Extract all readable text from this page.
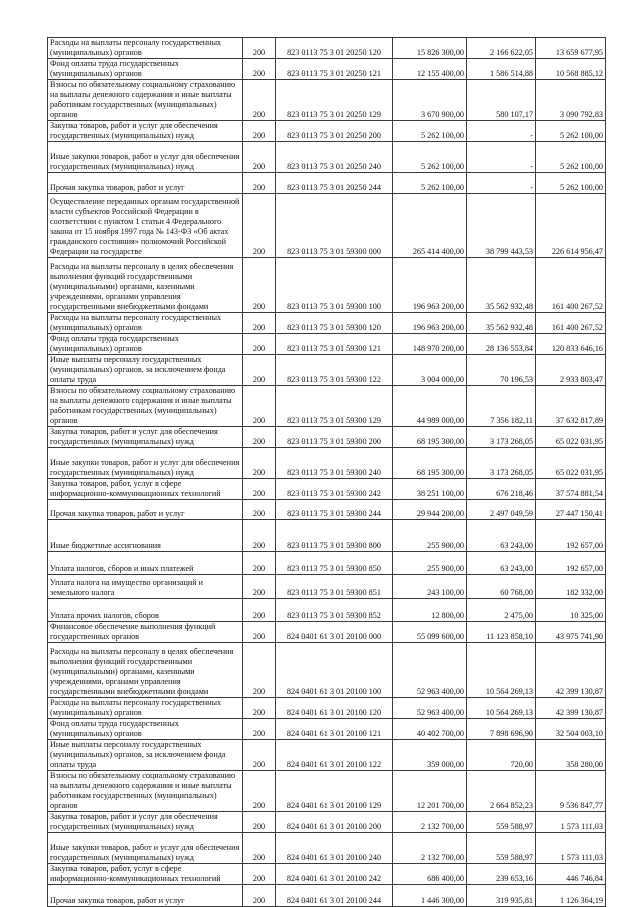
Расходы на выплаты персоналу государственных (муниципальных) органов	200	823 0113 75 3 01 20250 120	15 826 300,00	2 166 622,05	13 659 677,95
Фонд оплаты труда государственных (муниципальных) органов	200	823 0113 75 3 01 20250 121	12 155 400,00	1 586 514,88	10 568 885,12
Взносы по обязательному социальному страхованию на выплаты денежного содержания и иные выплаты работникам государственных (муниципальных) органов	200	823 0113 75 3 01 20250 129	3 670 900,00	580 107,17	3 090 792,83
Закупка товаров, работ и услуг для обеспечения государственных (муниципальных) нужд	200	823 0113 75 3 01 20250 200	5 262 100,00	-	5 262 100,00
Иные закупки товаров, работ и услуг для обеспечения государственных (муниципальных) нужд	200	823 0113 75 3 01 20250 240	5 262 100,00	-	5 262 100,00
Прочая закупка товаров, работ и услуг	200	823 0113 75 3 01 20250 244	5 262 100,00	-	5 262 100,00
Осуществление переданных органам государственной власти субъектов Российской Федерации в соответствии с пунктом 1 статьи 4 Федерального закона от 15 ноября 1997 года № 143-ФЗ «Об актах гражданского состояния» полномочий Российской Федерации на государстве	200	823 0113 75 3 01 59300 000	265 414 400,00	38 799 443,53	226 614 956,47
Расходы на выплаты персоналу в целях обеспечения выполнения функций государственными (муниципальными) органами, казенными учреждениями, органами управления государственными внебюджетными фондами	200	823 0113 75 3 01 59300 100	196 963 200,00	35 562 932,48	161 400 267,52
Расходы на выплаты персоналу государственных (муниципальных) органов	200	823 0113 75 3 01 59300 120	196 963 200,00	35 562 932,48	161 400 267,52
Фонд оплаты труда государственных (муниципальных) органов	200	823 0113 75 3 01 59300 121	148 970 200,00	28 136 553,84	120 833 646,16
Иные выплаты персоналу государственных (муниципальных) органов, за исключением фонда оплаты труда	200	823 0113 75 3 01 59300 122	3 004 000,00	70 196,53	2 933 803,47
Взносы по обязательному социальному страхованию на выплаты денежного содержания и иные выплаты работникам государственных (муниципальных) органов	200	823 0113 75 3 01 59300 129	44 989 000,00	7 356 182,11	37 632 817,89
Закупка товаров, работ и услуг для обеспечения государственных (муниципальных) нужд	200	823 0113 75 3 01 59300 200	68 195 300,00	3 173 268,05	65 022 031,95
Иные закупки товаров, работ и услуг для обеспечения государственных (муниципальных) нужд	200	823 0113 75 3 01 59300 240	68 195 300,00	3 173 268,05	65 022 031,95
Закупка товаров, работ, услуг в сфере информационно-коммуникационных технологий	200	823 0113 75 3 01 59300 242	38 251 100,00	676 218,46	37 574 881,54
Прочая закупка товаров, работ и услуг	200	823 0113 75 3 01 59300 244	29 944 200,00	2 497 049,59	27 447 150,41
Иные бюджетные ассигнования	200	823 0113 75 3 01 59300 800	255 900,00	63 243,00	192 657,00
Уплата налогов, сборов и иных платежей	200	823 0113 75 3 01 59300 850	255 900,00	63 243,00	192 657,00
Уплата налога на имущество организаций и земельного налога	200	823 0113 75 3 01 59300 851	243 100,00	60 768,00	182 332,00
Уплата прочих налогов, сборов	200	823 0113 75 3 01 59300 852	12 800,00	2 475,00	10 325,00
Финансовое обеспечение выполнения функций государственных органов	200	824 0401 61 3 01 20100 000	55 099 600,00	11 123 858,10	43 975 741,90
Расходы на выплаты персоналу в целях обеспечения выполнения функций государственными (муниципальными) органами, казенными учреждениями, органами управления государственными внебюджетными фондами	200	824 0401 61 3 01 20100 100	52 963 400,00	10 564 269,13	42 399 130,87
Расходы на выплаты персоналу государственных (муниципальных) органов	200	824 0401 61 3 01 20100 120	52 963 400,00	10 564 269,13	42 399 130,87
Фонд оплаты труда государственных (муниципальных) органов	200	824 0401 61 3 01 20100 121	40 402 700,00	7 898 696,90	32 504 003,10
Иные выплаты персоналу государственных (муниципальных) органов, за исключением фонда оплаты труда	200	824 0401 61 3 01 20100 122	359 000,00	720,00	358 280,00
Взносы по обязательному социальному страхованию на выплаты денежного содержания и иные выплаты работникам государственных (муниципальных) органов	200	824 0401 61 3 01 20100 129	12 201 700,00	2 664 852,23	9 536 847,77
Закупка товаров, работ и услуг для обеспечения государственных (муниципальных) нужд	200	824 0401 61 3 01 20100 200	2 132 700,00	559 588,97	1 573 111,03
Иные закупки товаров, работ и услуг для обеспечения государственных (муниципальных) нужд	200	824 0401 61 3 01 20100 240	2 132 700,00	559 588,97	1 573 111,03
Закупка товаров, работ, услуг в сфере информационно-коммуникационных технологий	200	824 0401 61 3 01 20100 242	686 400,00	239 653,16	446 746,84
Прочая закупка товаров, работ и услуг	200	824 0401 61 3 01 20100 244	1 446 300,00	319 935,81	1 126 364,19
